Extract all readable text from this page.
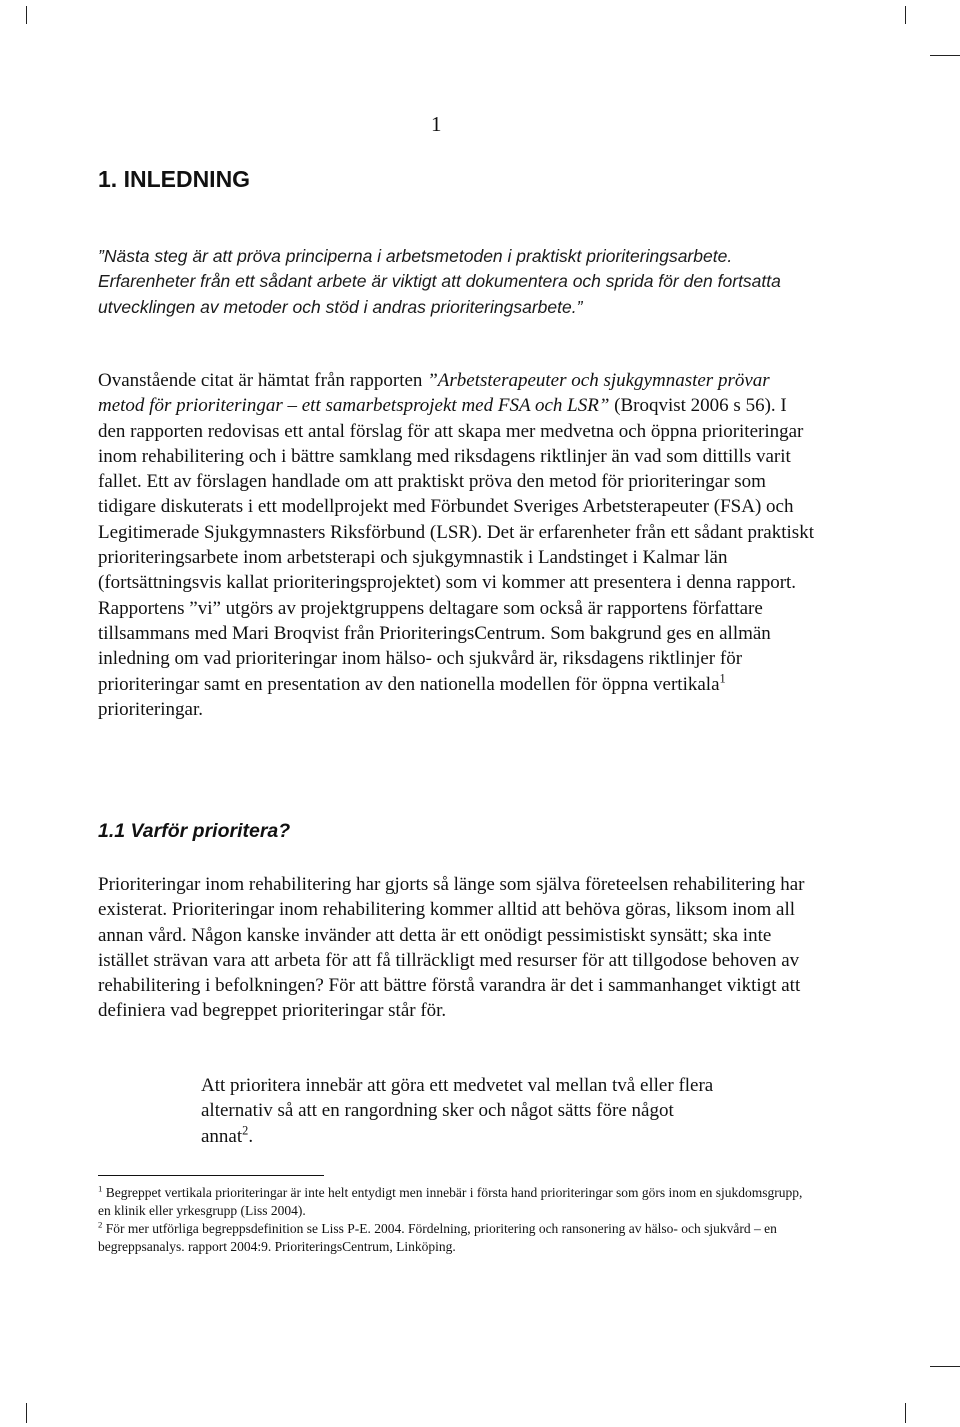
1
1. INLEDNING
”Nästa steg är att pröva principerna i arbetsmetoden i praktiskt prioriteringsarbete. Erfarenheter från ett sådant arbete är viktigt att dokumentera och sprida för den fortsatta utvecklingen av metoder och stöd i andras prioriteringsarbete.”
Ovanstående citat är hämtat från rapporten ”Arbetsterapeuter och sjukgymnaster prövar metod för prioriteringar – ett samarbetsprojekt med FSA och LSR” (Broqvist 2006 s 56). I den rapporten redovisas ett antal förslag för att skapa mer medvetna och öppna prioriteringar inom rehabilitering och i bättre samklang med riksdagens riktlinjer än vad som dittills varit fallet. Ett av förslagen handlade om att praktiskt pröva den metod för prioriteringar som tidigare diskuterats i ett modellprojekt med Förbundet Sveriges Arbetsterapeuter (FSA) och Legitimerade Sjukgymnasters Riksförbund (LSR). Det är erfarenheter från ett sådant praktiskt prioriteringsarbete inom arbetsterapi och sjukgymnastik i Landstinget i Kalmar län (fortsättningsvis kallat prioriteringsprojektet) som vi kommer att presentera i denna rapport. Rapportens ”vi” utgörs av projektgruppens deltagare som också är rapportens författare tillsammans med Mari Broqvist från PrioriteringsCentrum. Som bakgrund ges en allmän inledning om vad prioriteringar inom hälso- och sjukvård är, riksdagens riktlinjer för prioriteringar samt en presentation av den nationella modellen för öppna vertikala$^1$ prioriteringar.
1.1 Varför prioritera?
Prioriteringar inom rehabilitering har gjorts så länge som själva företeelsen rehabilitering har existerat. Prioriteringar inom rehabilitering kommer alltid att behöva göras, liksom inom all annan vård. Någon kanske invänder att detta är ett onödigt pessimistiskt synsätt; ska inte istället strävan vara att arbeta för att få tillräckligt med resurser för att tillgodose behoven av rehabilitering i befolkningen? För att bättre förstå varandra är det i sammanhanget viktigt att definiera vad begreppet prioriteringar står för.
Att prioritera innebär att göra ett medvetet val mellan två eller flera alternativ så att en rangordning sker och något sätts före något annat$^2$.

$^1$ Begreppet vertikala prioriteringar är inte helt entydigt men innebär i första hand prioriteringar som görs inom en sjukdomsgrupp, en klinik eller yrkesgrupp (Liss 2004).

$^2$ För mer utförliga begreppsdefinition se Liss P-E. 2004. Fördelning, prioritering och ransonering av hälso- och sjukvård – en begreppsanalys. rapport 2004:9. PrioriteringsCentrum, Linköping.
